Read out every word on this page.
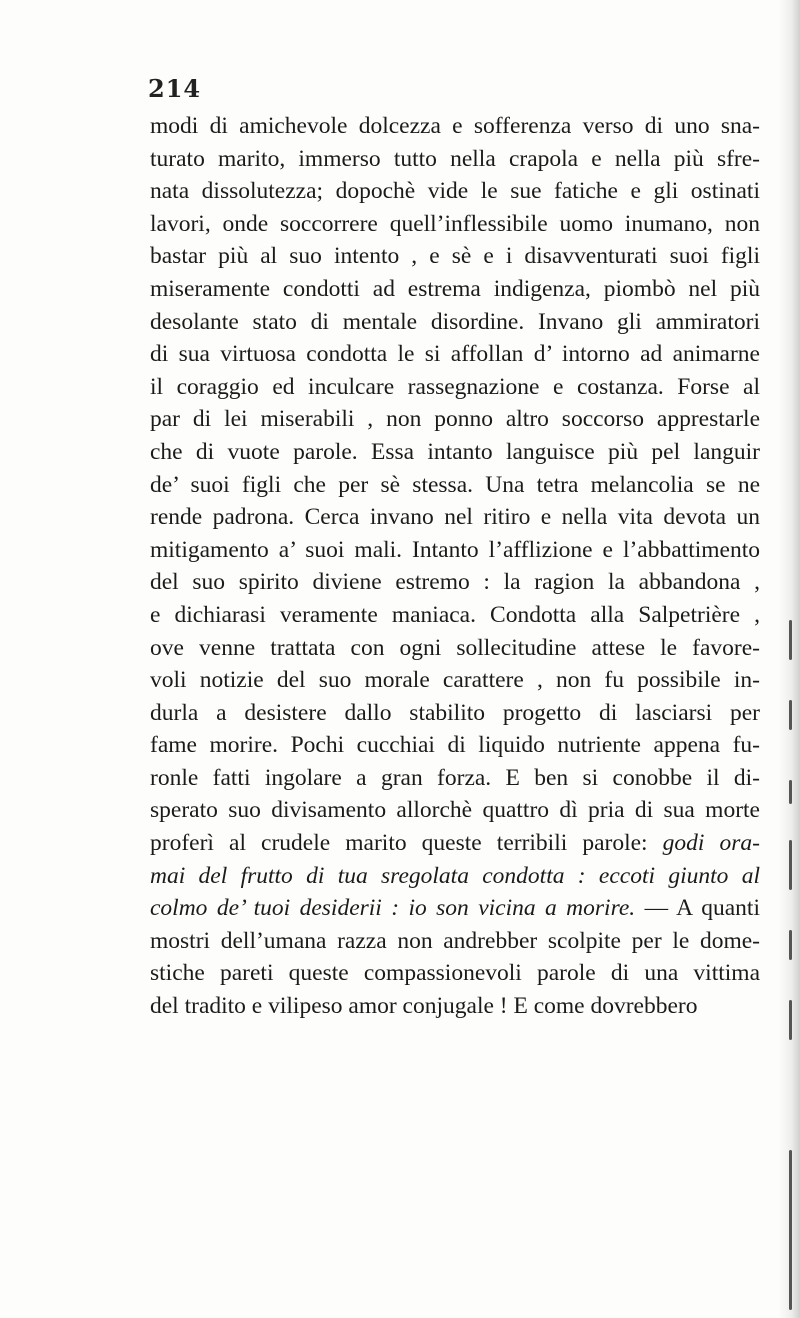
214
modi di amichevole dolcezza e sofferenza verso di uno sna-
turato marito, immerso tutto nella crapola e nella più sfre-
nata dissolutezza; dopochè vide le sue fatiche e gli ostinati
lavori, onde soccorrere quell’inflessibile uomo inumano, non
bastar più al suo intento , e sè e i disavventurati suoi figli
miseramente condotti ad estrema indigenza, piombò nel più
desolante stato di mentale disordine. Invano gli ammiratori
di sua virtuosa condotta le si affollan d’ intorno ad animarne
il coraggio ed inculcare rassegnazione e costanza. Forse al
par di lei miserabili , non ponno altro soccorso apprestarle
che di vuote parole. Essa intanto languisce più pel languir
de’ suoi figli che per sè stessa. Una tetra melancolia se ne
rende padrona. Cerca invano nel ritiro e nella vita devota un
mitigamento a’ suoi mali. Intanto l’afflizione e l’abbattimento
del suo spirito diviene estremo : la ragion la abbandona ,
e dichiarasi veramente maniaca. Condotta alla Salpetrière ,
ove venne trattata con ogni sollecitudine attese le favore-
voli notizie del suo morale carattere , non fu possibile in-
durla a desistere dallo stabilito progetto di lasciarsi per
fame morire. Pochi cucchiai di liquido nutriente appena fu-
ronle fatti ingolare a gran forza. E ben si conobbe il di-
sperato suo divisamento allorchè quattro dì pria di sua morte
proferì al crudele marito queste terribili parole: godi ora-
mai del frutto di tua sregolata condotta : eccoti giunto al
colmo de’ tuoi desiderii : io son vicina a morire. — A quanti
mostri dell’umana razza non andrebber scolpite per le dome-
stiche pareti queste compassionevoli parole di una vittima
del tradito e vilipeso amor conjugale ! E come dovrebbero
